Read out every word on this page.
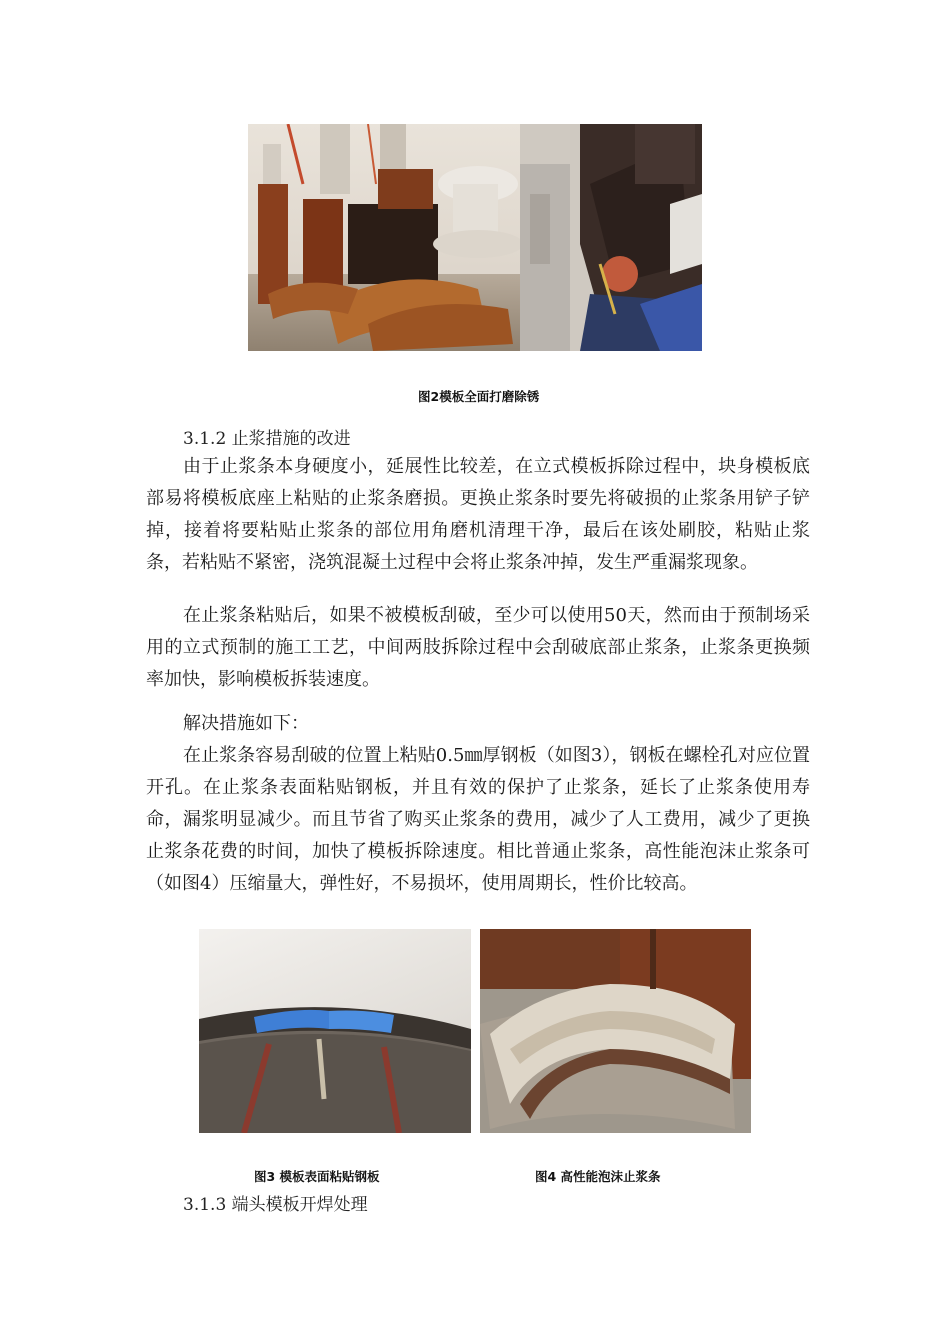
图2模板全面打磨除锈
3.1.2 止浆措施的改进
由于止浆条本身硬度小，延展性比较差，在立式模板拆除过程中，块身模板底部易将模板底座上粘贴的止浆条磨损。更换止浆条时要先将破损的止浆条用铲子铲掉，接着将要粘贴止浆条的部位用角磨机清理干净，最后在该处刷胶，粘贴止浆条，若粘贴不紧密，浇筑混凝土过程中会将止浆条冲掉，发生严重漏浆现象。
在止浆条粘贴后，如果不被模板刮破，至少可以使用50天，然而由于预制场采用的立式预制的施工工艺，中间两肢拆除过程中会刮破底部止浆条，止浆条更换频率加快，影响模板拆装速度。
解决措施如下：
在止浆条容易刮破的位置上粘贴0.5㎜厚钢板（如图3），钢板在螺栓孔对应位置开孔。在止浆条表面粘贴钢板，并且有效的保护了止浆条，延长了止浆条使用寿命，漏浆明显减少。而且节省了购买止浆条的费用，减少了人工费用，减少了更换止浆条花费的时间，加快了模板拆除速度。相比普通止浆条，高性能泡沫止浆条可（如图4）压缩量大，弹性好，不易损坏，使用周期长，性价比较高。
图3 模板表面粘贴钢板	图4 高性能泡沫止浆条
3.1.3 端头模板开焊处理
